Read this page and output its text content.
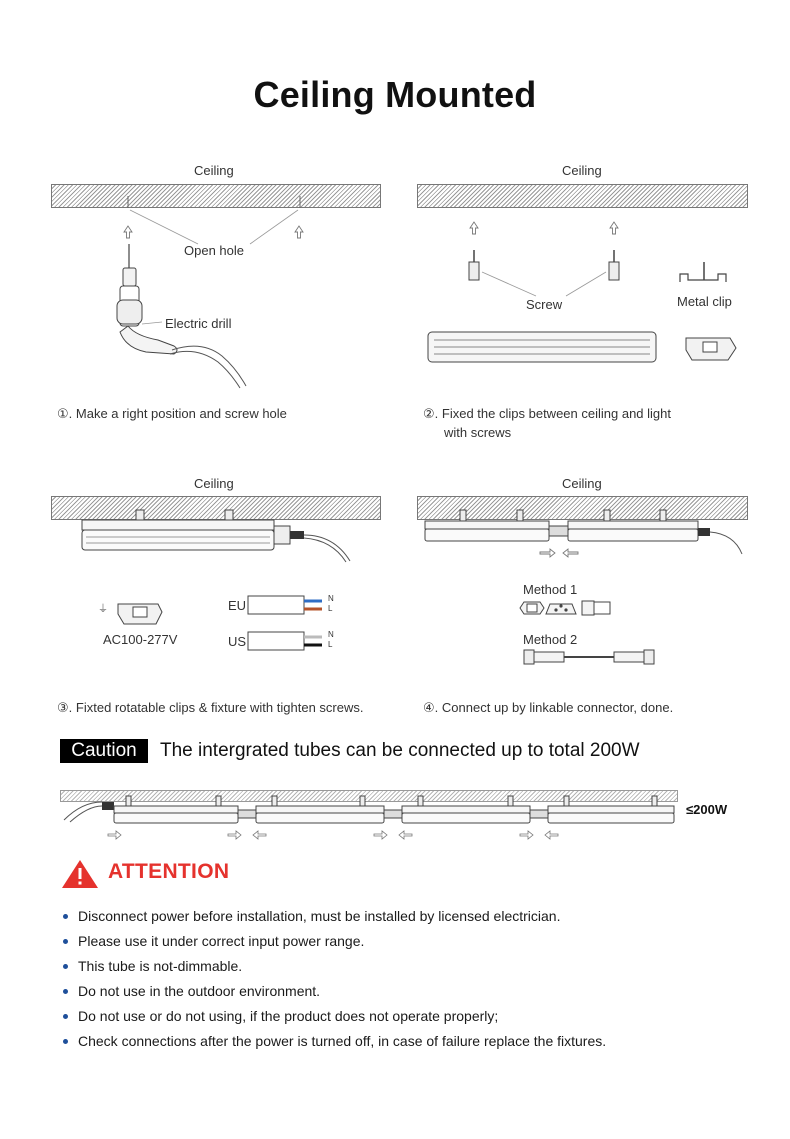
Ceiling Mounted
Ceiling
Open hole
Electric drill
①. Make a right position and screw hole
Ceiling
Screw	Metal clip
②. Fixed the clips between ceiling and light
with screws
Ceiling
⏚
AC100-277V
EU
US
N
L
N
L
③. Fixted rotatable clips & fixture with tighten screws.
Ceiling
Method 1
Method 2
④. Connect up by linkable connector, done.
Caution	The intergrated tubes can be connected up to total 200W
≤200W
ATTENTION
Disconnect power before installation, must be installed by licensed electrician.
Please use it under correct input power range.
This tube is not-dimmable.
Do not use in the outdoor environment.
Do not use or do not using, if the product does not operate properly;
Check connections after the power is turned off, in case of failure replace the fixtures.
